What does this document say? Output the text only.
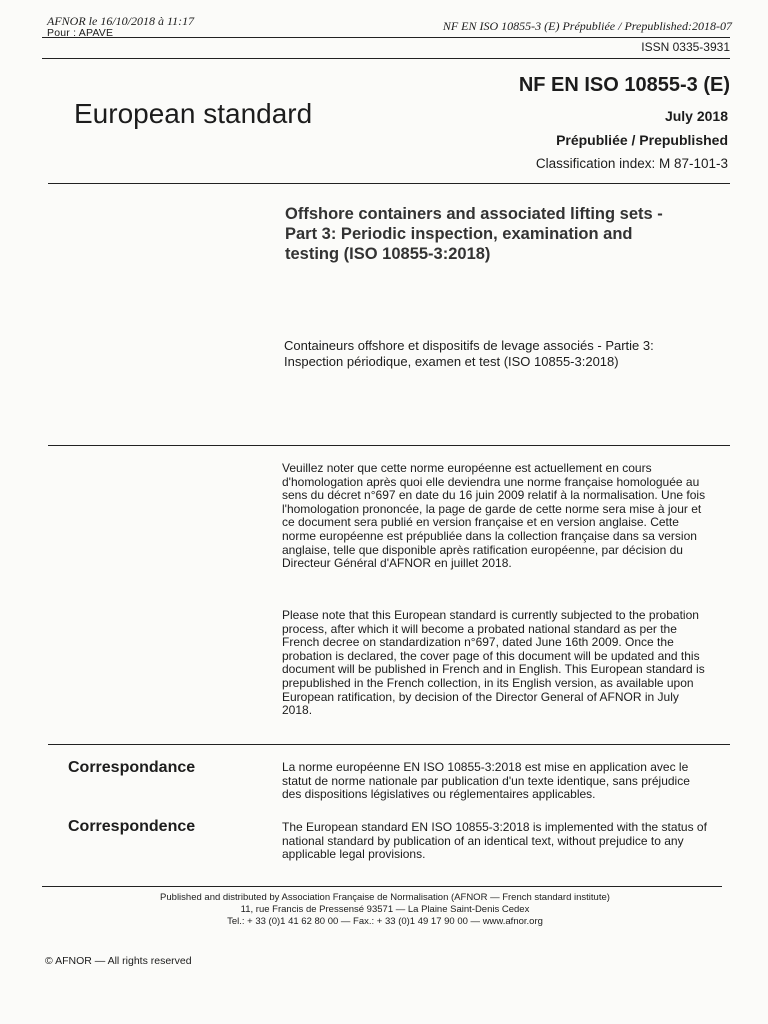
AFNOR le 16/10/2018 à 11:17
Pour : APAVE	NF EN ISO 10855-3 (E) Prépubliée / Prepublished:2018-07
ISSN 0335-3931
NF EN ISO 10855-3 (E)
European standard	July 2018
Prépubliée / Prepublished
Classification index: M 87-101-3
Offshore containers and associated lifting sets -
Part 3: Periodic inspection, examination and
testing (ISO 10855-3:2018)
Containeurs offshore et dispositifs de levage associés - Partie 3:
Inspection périodique, examen et test (ISO 10855-3:2018)
Veuillez noter que cette norme européenne est actuellement en cours
d'homologation après quoi elle deviendra une norme française homologuée au
sens du décret n°697 en date du 16 juin 2009 relatif à la normalisation. Une fois
l'homologation prononcée, la page de garde de cette norme sera mise à jour et
ce document sera publié en version française et en version anglaise. Cette
norme européenne est prépubliée dans la collection française dans sa version
anglaise, telle que disponible après ratification européenne, par décision du
Directeur Général d'AFNOR en juillet 2018.
Please note that this European standard is currently subjected to the probation
process, after which it will become a probated national standard as per the
French decree on standardization n°697, dated June 16th 2009. Once the
probation is declared, the cover page of this document will be updated and this
document will be published in French and in English. This European standard is
prepublished in the French collection, in its English version, as available upon
European ratification, by decision of the Director General of AFNOR in July
2018.
Correspondance	La norme européenne EN ISO 10855-3:2018 est mise en application avec le
statut de norme nationale par publication d'un texte identique, sans préjudice
des dispositions législatives ou réglementaires applicables.
Correspondence	The European standard EN ISO 10855-3:2018 is implemented with the status of
national standard by publication of an identical text, without prejudice to any
applicable legal provisions.
Published and distributed by Association Française de Normalisation (AFNOR — French standard institute)
11, rue Francis de Pressensé 93571 — La Plaine Saint-Denis Cedex
Tel.: + 33 (0)1 41 62 80 00 — Fax.: + 33 (0)1 49 17 90 00 — www.afnor.org
© AFNOR — All rights reserved
